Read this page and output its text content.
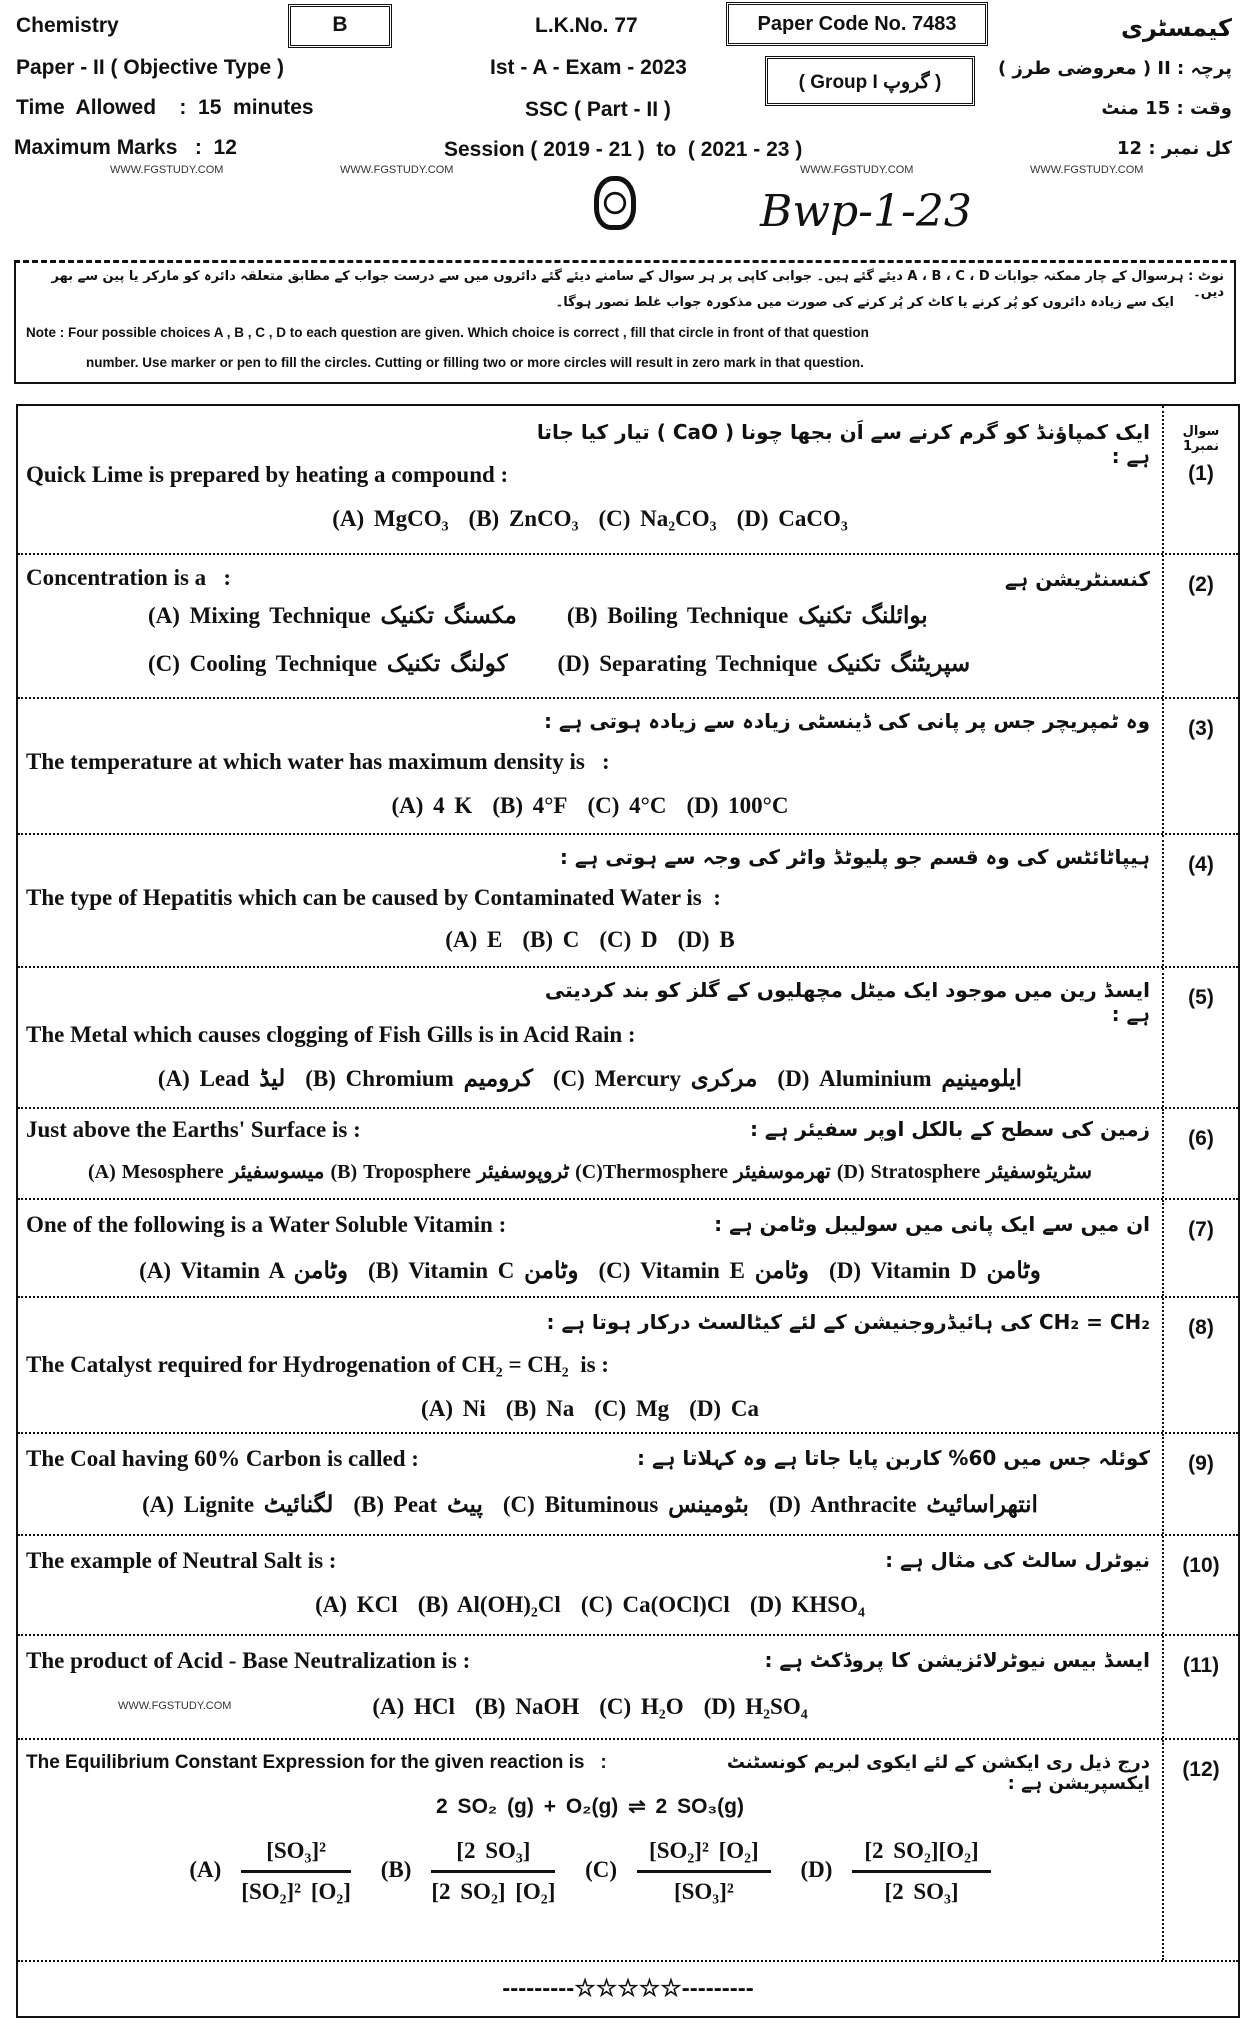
Chemistry	B	L.K.No. 77	Paper Code No. 7483	کیمسٹری
Paper - II ( Objective Type )	Ist - A - Exam - 2023
( Group I گروپ )
پرچہ : II ( معروضی طرز )
Time  Allowed    :  15  minutes	SSC ( Part - II )	وقت : 15 منٹ
Maximum Marks   :  12	Session ( 2019 - 21 )  to  ( 2021 - 23 )	کل نمبر : 12
WWW.FGSTUDY.COM	WWW.FGSTUDY.COM	WWW.FGSTUDY.COM	WWW.FGSTUDY.COM
Bwp-1-23
نوٹ : ہرسوال کے چار ممکنہ جوابات A ، B ، C ، D دیئے گئے ہیں۔ جوابی کاپی پر ہر سوال کے سامنے دیئے گئے دائروں میں سے درست جواب کے مطابق متعلقہ دائرہ کو مارکر یا پین سے بھر دیں۔
ایک سے زیادہ دائروں کو پُر کرنے یا کاٹ کر پُر کرنے کی صورت میں مذکورہ جواب غلط تصور ہوگا۔
Note : Four possible choices A , B , C , D to each question are given. Which choice is correct , fill that circle in front of that question
number. Use marker or pen to fill the circles. Cutting or filling two or more circles will result in zero mark in that question.
ایک کمپاؤنڈ کو گرم کرنے سے اَن بجھا چونا ( CaO ) تیار کیا جاتا ہے :
Quick Lime is prepared by heating a compound :
(A) MgCO₃ (B) ZnCO₃ (C) Na₂CO₃ (D) CaCO₃
سوال نمبر1
(1)
کنسنٹریشن ہے
Concentration is a   :
(A) Mixing Technique مکسنگ تکنیک (B) Boiling Technique بوائلنگ تکنیک
(C) Cooling Technique کولنگ تکنیک (D) Separating Technique سپریٹنگ تکنیک
(2)
وہ ٹمپریچر جس پر پانی کی ڈینسٹی زیادہ سے زیادہ ہوتی ہے :
The temperature at which water has maximum density is   :
(A) 4 K (B) 4°F (C) 4°C (D) 100°C
(3)
ہیپاٹائٹس کی وہ قسم جو پلیوٹڈ واٹر کی وجہ سے ہوتی ہے :
The type of Hepatitis which can be caused by Contaminated Water is  :
(A) E (B) C (C) D (D) B
(4)
ایسڈ رین میں موجود ایک میٹل مچھلیوں کے گلز کو بند کردیتی ہے :
The Metal which causes clogging of Fish Gills is in Acid Rain :
(A) Lead لیڈ (B) Chromium کرومیم (C) Mercury مرکری (D) Aluminium ایلومینیم
(5)
زمین کی سطح کے بالکل اوپر سفیئر ہے :
Just above the Earths' Surface is :
(A) Mesosphere میسوسفیئر (B) Troposphere ٹروپوسفیئر (C)Thermosphere تھرموسفیئر (D) Stratosphere سٹریٹوسفیئر
(6)
ان میں سے ایک پانی میں سولیبل وٹامن ہے :
One of the following is a Water Soluble Vitamin :
(A) Vitamin A وٹامن (B) Vitamin C وٹامن (C) Vitamin E وٹامن (D) Vitamin D وٹامن
(7)
CH₂ = CH₂ کی ہائیڈروجنیشن کے لئے کیٹالسٹ درکار ہوتا ہے :
The Catalyst required for Hydrogenation of CH₂ = CH₂  is :
(A) Ni (B) Na (C) Mg (D) Ca
(8)
کوئلہ جس میں 60% کاربن پایا جاتا ہے وہ کہلاتا ہے :
The Coal having 60% Carbon is called :
(A) Lignite لگنائیٹ (B) Peat پیٹ (C) Bituminous بٹومینس (D) Anthracite انتھراسائیٹ
(9)
نیوٹرل سالٹ کی مثال ہے :
The example of Neutral Salt is :
(A) KCl (B) Al(OH)₂Cl (C) Ca(OCl)Cl (D) KHSO₄
(10)
ایسڈ بیس نیوٹرلائزیشن کا پروڈکٹ ہے :
The product of Acid - Base Neutralization is :
(A) HCl (B) NaOH (C) H₂O (D) H₂SO₄
WWW.FGSTUDY.COM
(11)
درج ذیل ری ایکشن کے لئے ایکوی لبریم کونسٹنٹ ایکسپریشن ہے :
The Equilibrium Constant Expression for the given reaction is   :
2 SO₂ (g) + O₂(g) ⇌ 2 SO₃(g)
$(A) \frac{\text{[SO₃]²}}{\text{[SO₂]² [O₂]}} (B) \frac{\text{[2 SO₃]}}{\text{[2 SO₂] [O₂]}} (C) \frac{\text{[SO₂]² [O₂]}}{\text{[SO₃]²}} (D) \frac{\text{[2 SO₂][O₂]}}{\text{[2 SO₃]}}$
(12)
---------☆☆☆☆☆---------
